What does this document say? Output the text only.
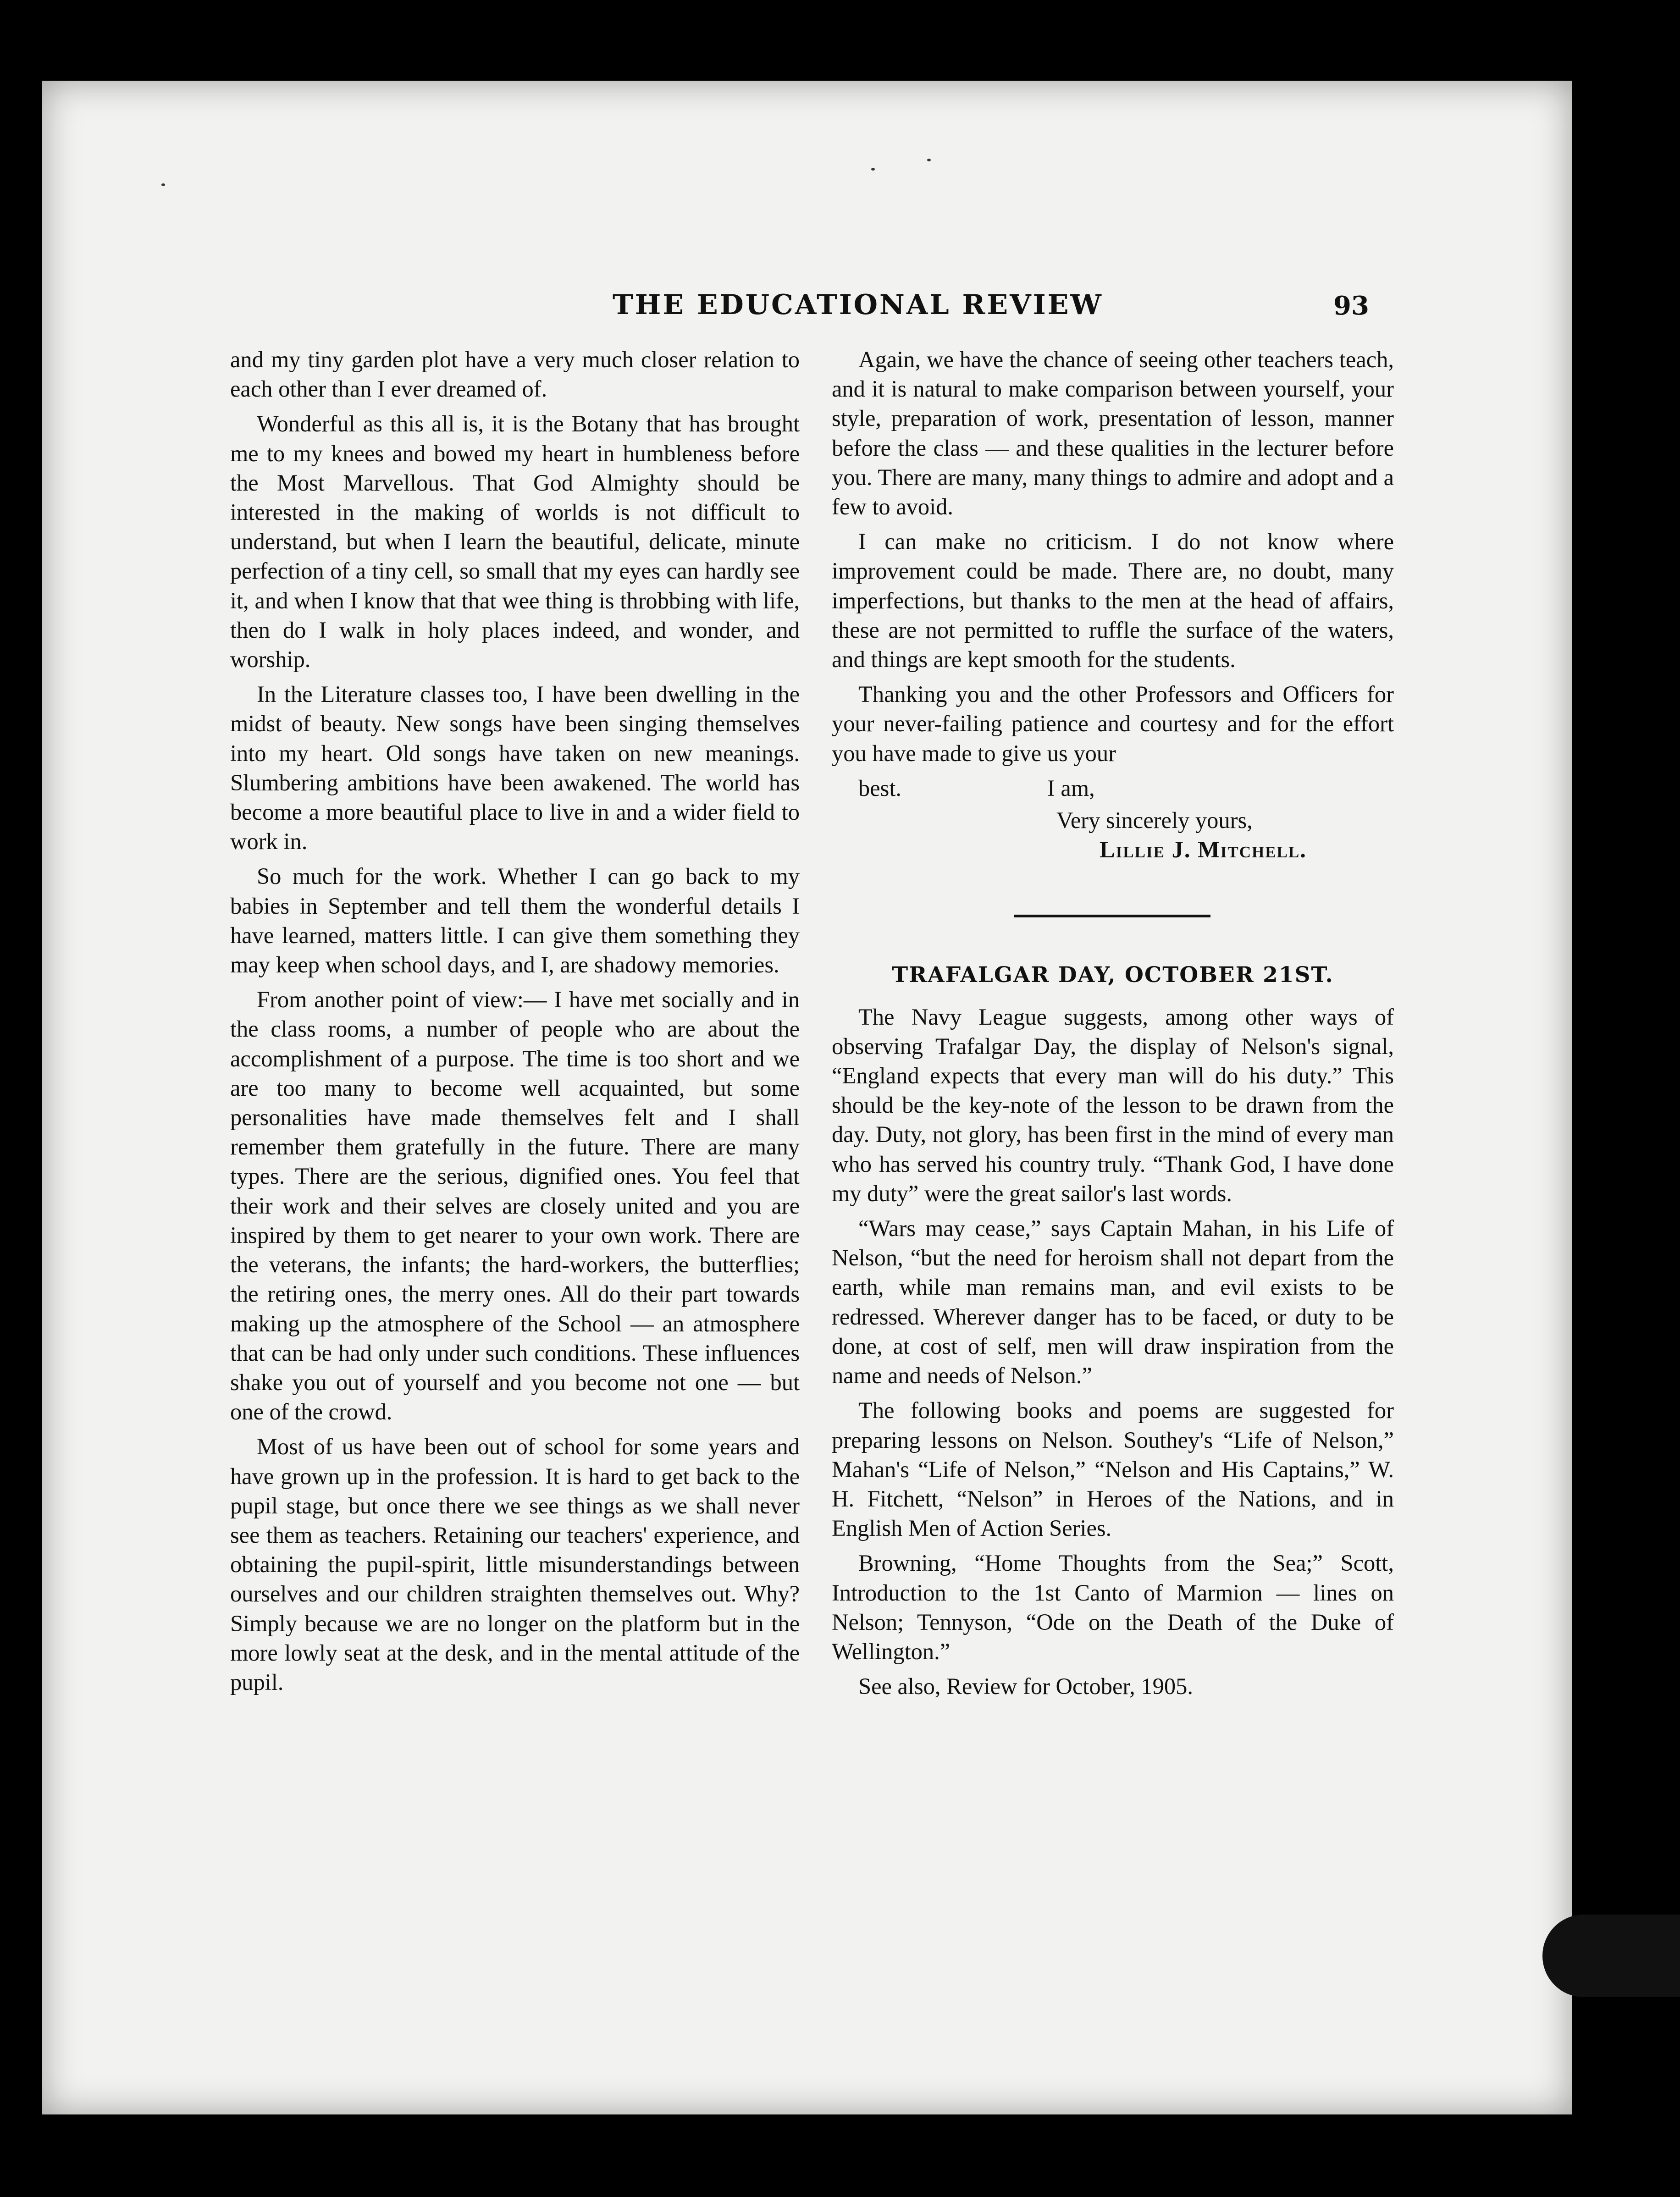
THE EDUCATIONAL REVIEW	93

and my tiny garden plot have a very much closer relation to each other than I ever dreamed of.

Wonderful as this all is, it is the Botany that has brought me to my knees and bowed my heart in humbleness before the Most Marvellous. That God Almighty should be interested in the making of worlds is not difficult to understand, but when I learn the beautiful, delicate, minute perfection of a tiny cell, so small that my eyes can hardly see it, and when I know that that wee thing is throbbing with life, then do I walk in holy places indeed, and wonder, and worship.

In the Literature classes too, I have been dwelling in the midst of beauty. New songs have been singing themselves into my heart. Old songs have taken on new meanings. Slumbering ambitions have been awakened. The world has become a more beautiful place to live in and a wider field to work in.

So much for the work. Whether I can go back to my babies in September and tell them the wonderful details I have learned, matters little. I can give them something they may keep when school days, and I, are shadowy memories.

From another point of view:— I have met socially and in the class rooms, a number of people who are about the accomplishment of a purpose. The time is too short and we are too many to become well acquainted, but some personalities have made themselves felt and I shall remember them gratefully in the future. There are many types. There are the serious, dignified ones. You feel that their work and their selves are closely united and you are inspired by them to get nearer to your own work. There are the veterans, the infants; the hard-workers, the butterflies; the retiring ones, the merry ones. All do their part towards making up the atmosphere of the School — an atmosphere that can be had only under such conditions. These influences shake you out of yourself and you become not one — but one of the crowd.

Most of us have been out of school for some years and have grown up in the profession. It is hard to get back to the pupil stage, but once there we see things as we shall never see them as teachers. Retaining our teachers' experience, and obtaining the pupil-spirit, little misunderstandings between ourselves and our children straighten themselves out. Why? Simply because we are no longer on the platform but in the more lowly seat at the desk, and in the mental attitude of the pupil.

Again, we have the chance of seeing other teachers teach, and it is natural to make comparison between yourself, your style, preparation of work, presentation of lesson, manner before the class — and these qualities in the lecturer before you. There are many, many things to admire and adopt and a few to avoid.

I can make no criticism. I do not know where improvement could be made. There are, no doubt, many imperfections, but thanks to the men at the head of affairs, these are not permitted to ruffle the surface of the waters, and things are kept smooth for the students.

Thanking you and the other Professors and Officers for your never-failing patience and courtesy and for the effort you have made to give us your

best.	I am,

Very sincerely yours,
Lillie J. Mitchell.
TRAFALGAR DAY, OCTOBER 21ST.

The Navy League suggests, among other ways of observing Trafalgar Day, the display of Nelson's signal, “England expects that every man will do his duty.” This should be the key-note of the lesson to be drawn from the day. Duty, not glory, has been first in the mind of every man who has served his country truly. “Thank God, I have done my duty” were the great sailor's last words.

“Wars may cease,” says Captain Mahan, in his Life of Nelson, “but the need for heroism shall not depart from the earth, while man remains man, and evil exists to be redressed. Wherever danger has to be faced, or duty to be done, at cost of self, men will draw inspiration from the name and needs of Nelson.”

The following books and poems are suggested for preparing lessons on Nelson. Southey's “Life of Nelson,” Mahan's “Life of Nelson,” “Nelson and His Captains,” W. H. Fitchett, “Nelson” in Heroes of the Nations, and in English Men of Action Series.

Browning, “Home Thoughts from the Sea;” Scott, Introduction to the 1st Canto of Marmion — lines on Nelson; Tennyson, “Ode on the Death of the Duke of Wellington.”

See also, Review for October, 1905.
